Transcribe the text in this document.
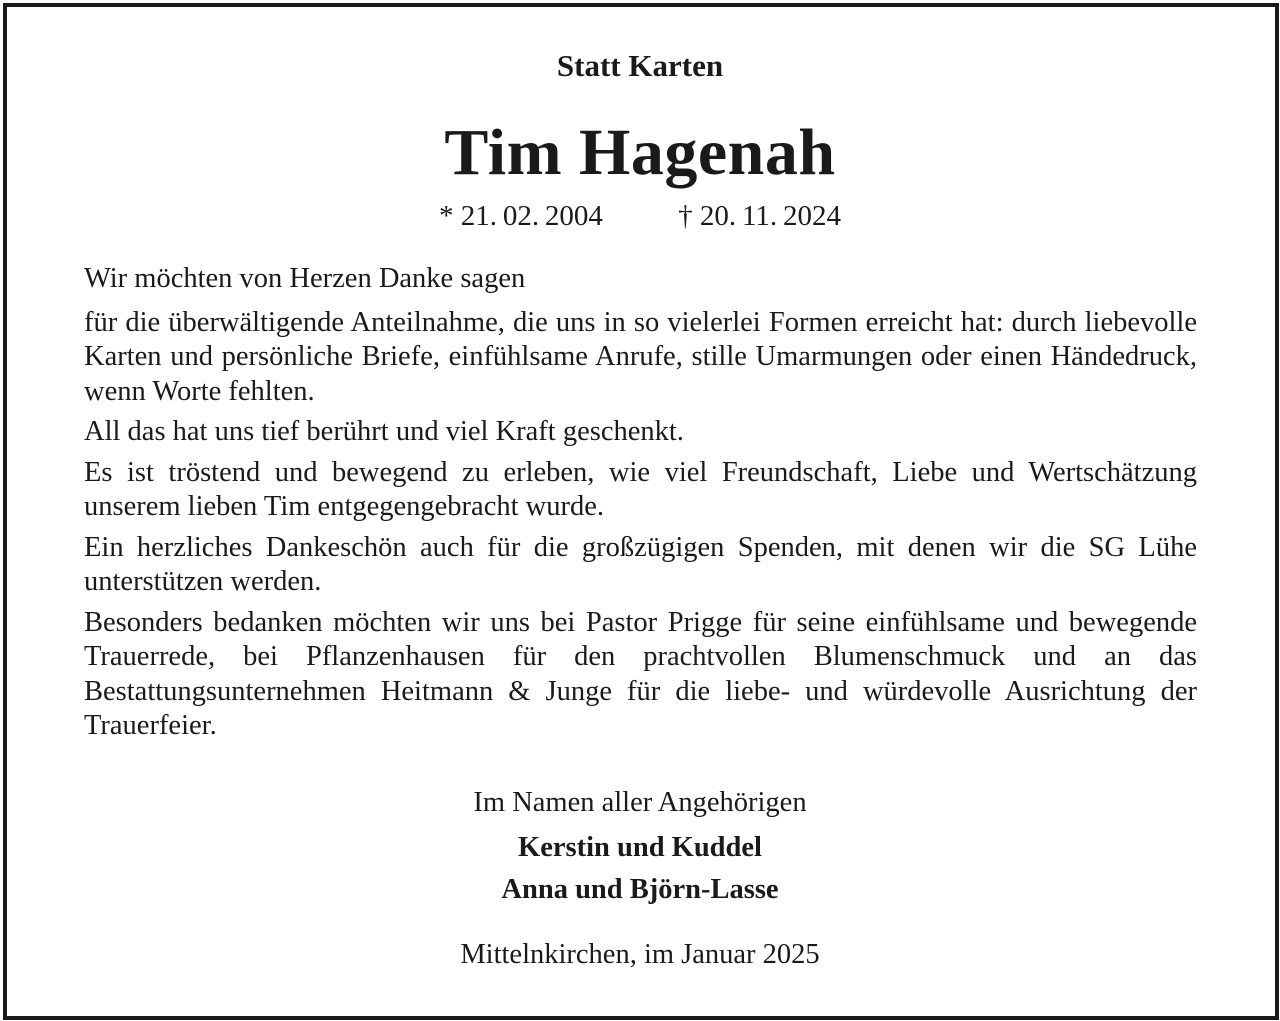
Statt Karten
Tim Hagenah
* 21. 02. 2004	† 20. 11. 2024

Wir möchten von Herzen Danke sagen

für die überwältigende Anteilnahme, die uns in so vielerlei Formen erreicht hat: durch liebevolle Karten und persönliche Briefe, einfühlsame Anrufe, stille Umarmungen oder einen Händedruck, wenn Worte fehlten.

All das hat uns tief berührt und viel Kraft geschenkt.

Es ist tröstend und bewegend zu erleben, wie viel Freundschaft, Liebe und Wertschätzung unserem lieben Tim entgegengebracht wurde.

Ein herzliches Dankeschön auch für die großzügigen Spenden, mit denen wir die SG Lühe unterstützen werden.

Besonders bedanken möchten wir uns bei Pastor Prigge für seine einfühlsame und bewegende Trauerrede, bei Pflanzenhausen für den prachtvollen Blumenschmuck und an das Bestattungsunternehmen Heitmann & Junge für die liebe- und würdevolle Ausrichtung der Trauerfeier.

Im Namen aller Angehörigen
Kerstin und Kuddel
Anna und Björn-Lasse
Mittelnkirchen, im Januar 2025
